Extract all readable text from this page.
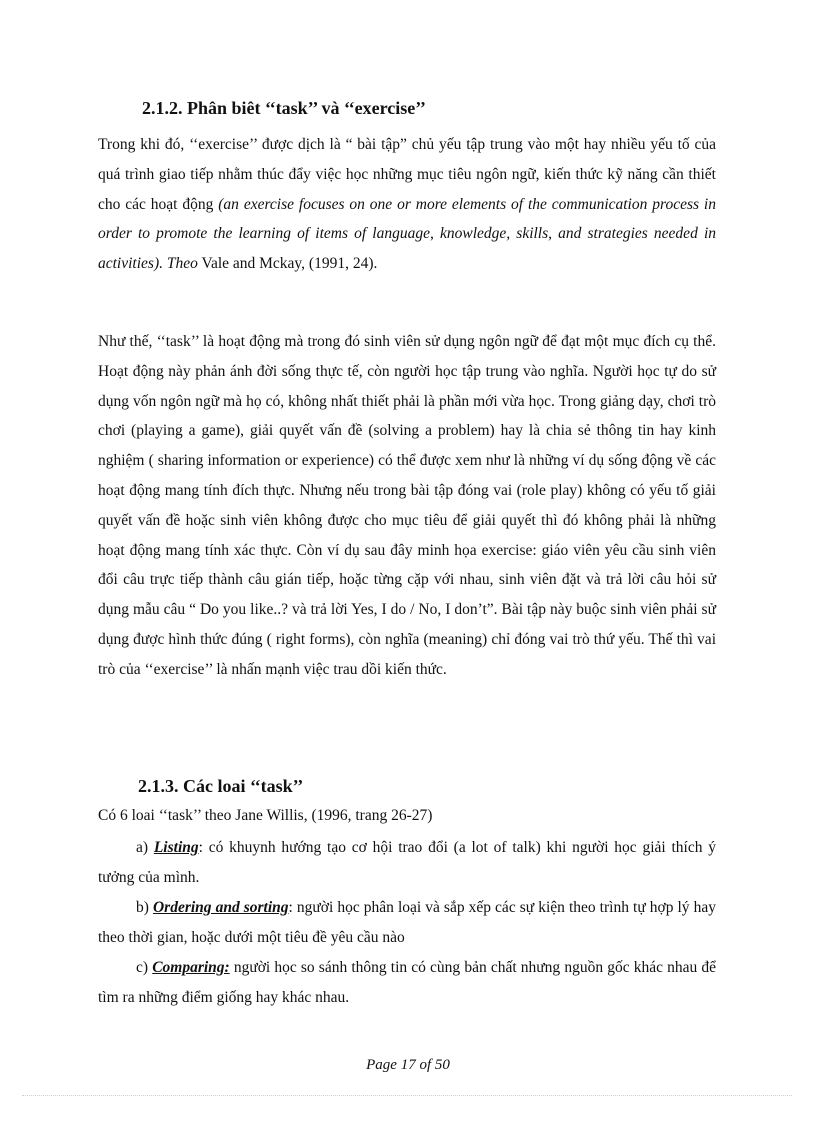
2.1.2. Phân biêt ‘‘task’’ và ‘‘exercise’’

Trong khi đó, ‘‘exercise’’ được dịch là “ bài tập” chủ yếu tập trung vào một hay nhiều yếu tố của quá trình giao tiếp nhằm thúc đẩy việc học những mục tiêu ngôn ngữ, kiến thức kỹ năng cần thiết cho các hoạt động (an exercise focuses on one or more elements of the communication process in order to promote the learning of items of language, knowledge, skills, and strategies needed in activities). Theo Vale and Mckay, (1991, 24).

Như thế, ‘‘task’’ là hoạt động mà trong đó sinh viên sử dụng ngôn ngữ để đạt một mục đích cụ thể. Hoạt động này phản ánh đời sống thực tế, còn người học tập trung vào nghĩa. Người học tự do sử dụng vốn ngôn ngữ mà họ có, không nhất thiết phải là phần mới vừa học. Trong giảng dạy, chơi trò chơi (playing a game), giải quyết vấn đề (solving a problem) hay là chia sẻ thông tin hay kinh nghiệm ( sharing information or experience) có thể được xem như là những ví dụ sống động về các hoạt động mang tính đích thực. Nhưng nếu trong bài tập đóng vai (role play) không có yếu tố giải quyết vấn đề hoặc sinh viên không được cho mục tiêu để giải quyết thì đó không phải là những hoạt động mang tính xác thực. Còn ví dụ sau đây minh họa exercise: giáo viên yêu cầu sinh viên đổi câu trực tiếp thành câu gián tiếp, hoặc từng cặp với nhau, sinh viên đặt và trả lời câu hỏi sử dụng mẫu câu “ Do you like..? và trả lời Yes, I do / No, I don’t”. Bài tập này buộc sinh viên phải sử dụng được hình thức đúng ( right forms), còn nghĩa (meaning) chỉ đóng vai trò thứ yếu. Thế thì vai trò của ‘‘exercise’’ là nhấn mạnh việc trau dồi kiến thức.

2.1.3. Các loai ‘‘task’’
Có 6 loai ‘‘task’’ theo Jane Willis, (1996, trang 26-27)

a) Listing: có khuynh hướng tạo cơ hội trao đổi (a lot of talk) khi người học giải thích ý tưởng của mình.

b) Ordering and sorting: người học phân loại và sắp xếp các sự kiện theo trình tự hợp lý hay theo thời gian, hoặc dưới một tiêu đề yêu cầu nào

c) Comparing: người học so sánh thông tin có cùng bản chất nhưng nguồn gốc khác nhau để tìm ra những điểm giống hay khác nhau.

Page 17 of 50
